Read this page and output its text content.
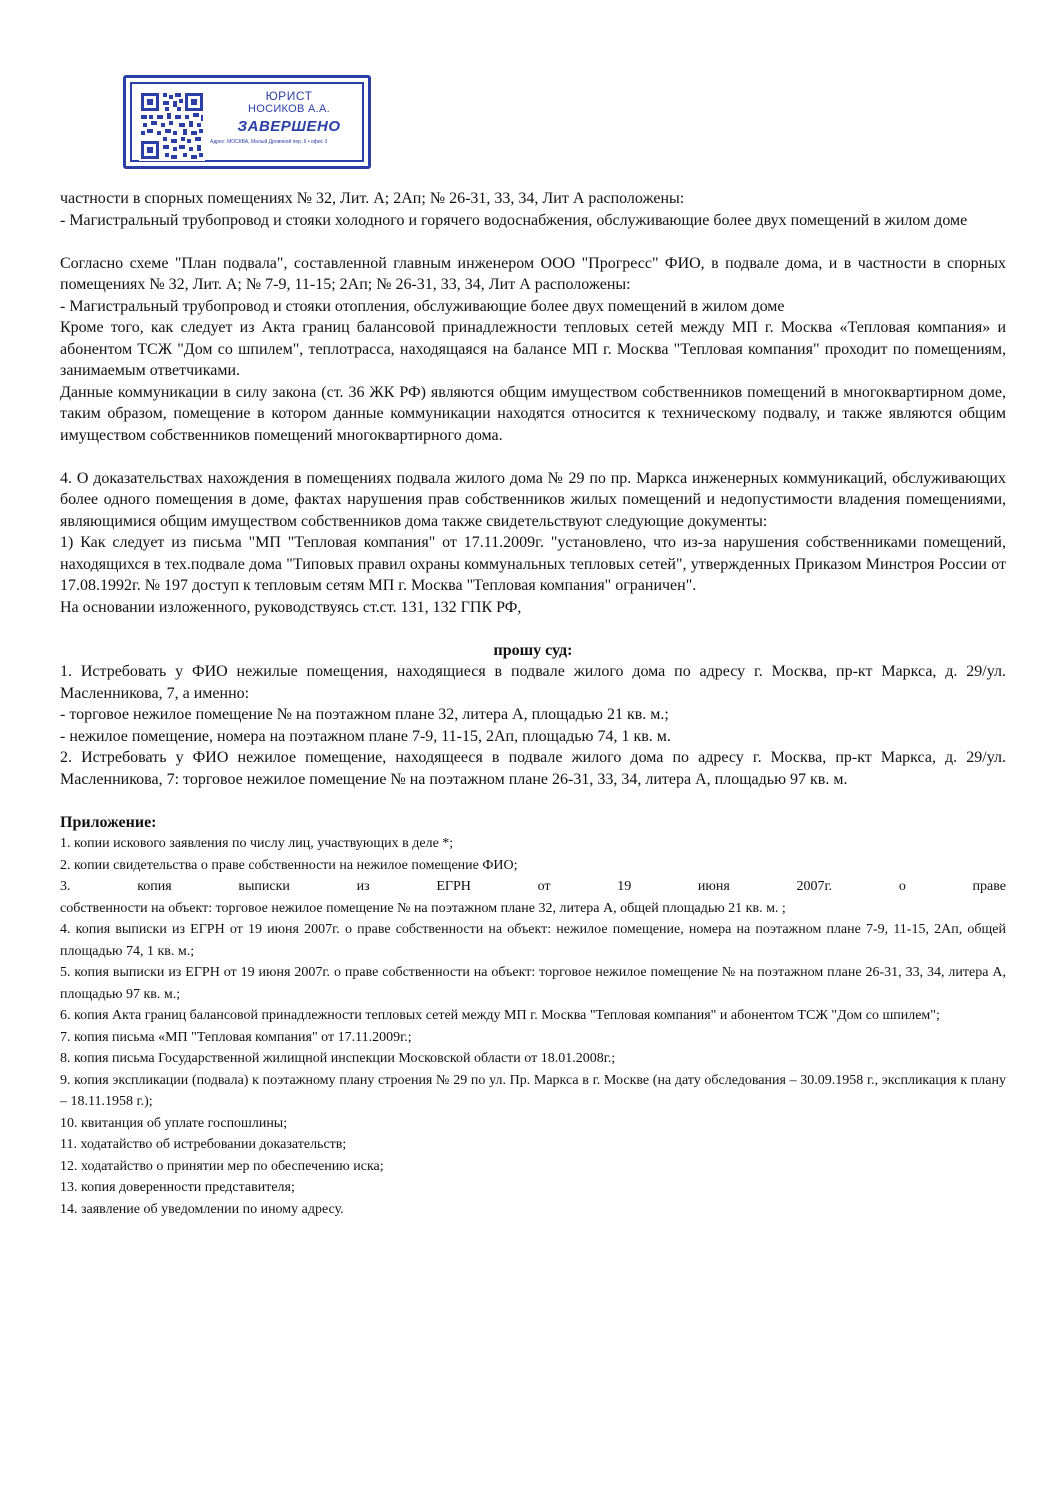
ЮРИСТ
НОСИКОВ А.А.
ЗАВЕРШЕНО
Адрес: МОСКВА, Малый Дровяной пер. 6 • офис 3

частности в спорных помещениях № 32, Лит. А; 2Ап; № 26-31, 33, 34, Лит А расположены:

- Магистральный трубопровод и стояки холодного и горячего водоснабжения, обслуживающие более двух помещений в жилом доме

Согласно схеме "План подвала", составленной главным инженером ООО "Прогресс" ФИО, в подвале дома, и в частности в спорных помещениях № 32, Лит. А; № 7-9, 11-15; 2Ап; № 26-31, 33, 34, Лит А расположены:

- Магистральный трубопровод и стояки отопления, обслуживающие более двух помещений в жилом доме

Кроме того, как следует из Акта границ балансовой принадлежности тепловых сетей между МП г. Москва «Тепловая компания» и абонентом ТСЖ "Дом со шпилем", теплотрасса, находящаяся на балансе МП г. Москва "Тепловая компания" проходит по помещениям, занимаемым ответчиками.

Данные коммуникации в силу закона (ст. 36 ЖК РФ) являются общим имуществом собственников помещений в многоквартирном доме, таким образом, помещение в котором данные коммуникации находятся относится к техническому подвалу, и также являются общим имуществом собственников помещений многоквартирного дома.

4. О доказательствах нахождения в помещениях подвала жилого дома № 29 по пр. Маркса инженерных коммуникаций, обслуживающих более одного помещения в доме, фактах нарушения прав собственников жилых помещений и недопустимости владения помещениями, являющимися общим имуществом собственников дома также свидетельствуют следующие документы:

1) Как следует из письма "МП "Тепловая компания" от 17.11.2009г. "установлено, что из-за нарушения собственниками помещений, находящихся в тех.подвале дома "Типовых правил охраны коммунальных тепловых сетей", утвержденных Приказом Минстроя России от 17.08.1992г. № 197 доступ к тепловым сетям МП г. Москва "Тепловая компания" ограничен".

На основании изложенного, руководствуясь ст.ст. 131, 132 ГПК РФ,

прошу суд:

1. Истребовать у ФИО нежилые помещения, находящиеся в подвале жилого дома по адресу г. Москва, пр-кт Маркса, д. 29/ул. Масленникова, 7, а именно:

- торговое нежилое помещение № на поэтажном плане 32, литера А, площадью 21 кв. м.;

- нежилое помещение, номера на поэтажном плане 7-9, 11-15, 2Ап, площадью 74, 1 кв. м.

2. Истребовать у ФИО нежилое помещение, находящееся в подвале жилого дома по адресу г. Москва, пр-кт Маркса, д. 29/ул. Масленникова, 7: торговое нежилое помещение № на поэтажном плане 26-31, 33, 34, литера А, площадью 97 кв. м.

Приложение:

1. копии искового заявления по числу лиц, участвующих в деле *;

2. копии свидетельства о праве собственности на нежилое помещение ФИО;

3. копия выписки из ЕГРН от 19 июня 2007г. о праве

собственности на объект: торговое нежилое помещение № на поэтажном плане 32, литера А, общей площадью 21 кв. м. ;

4. копия выписки из ЕГРН от 19 июня 2007г. о праве собственности на объект: нежилое помещение, номера на поэтажном плане 7-9, 11-15, 2Ап, общей площадью 74, 1 кв. м.;

5. копия выписки из ЕГРН от 19 июня 2007г. о праве собственности на объект: торговое нежилое помещение № на поэтажном плане 26-31, 33, 34, литера А, площадью 97 кв. м.;

6. копия Акта границ балансовой принадлежности тепловых сетей между МП г. Москва "Тепловая компания" и абонентом ТСЖ "Дом со шпилем";

7. копия письма «МП "Тепловая компания" от 17.11.2009г.;

8. копия письма Государственной жилищной инспекции Московской области от 18.01.2008г.;

9. копия экспликации (подвала) к поэтажному плану строения № 29 по ул. Пр. Маркса в г. Москве (на дату обследования – 30.09.1958 г., экспликация к плану – 18.11.1958 г.);

10. квитанция об уплате госпошлины;

11. ходатайство об истребовании доказательств;

12. ходатайство о принятии мер по обеспечению иска;

13. копия доверенности представителя;

14. заявление об уведомлении по иному адресу.
